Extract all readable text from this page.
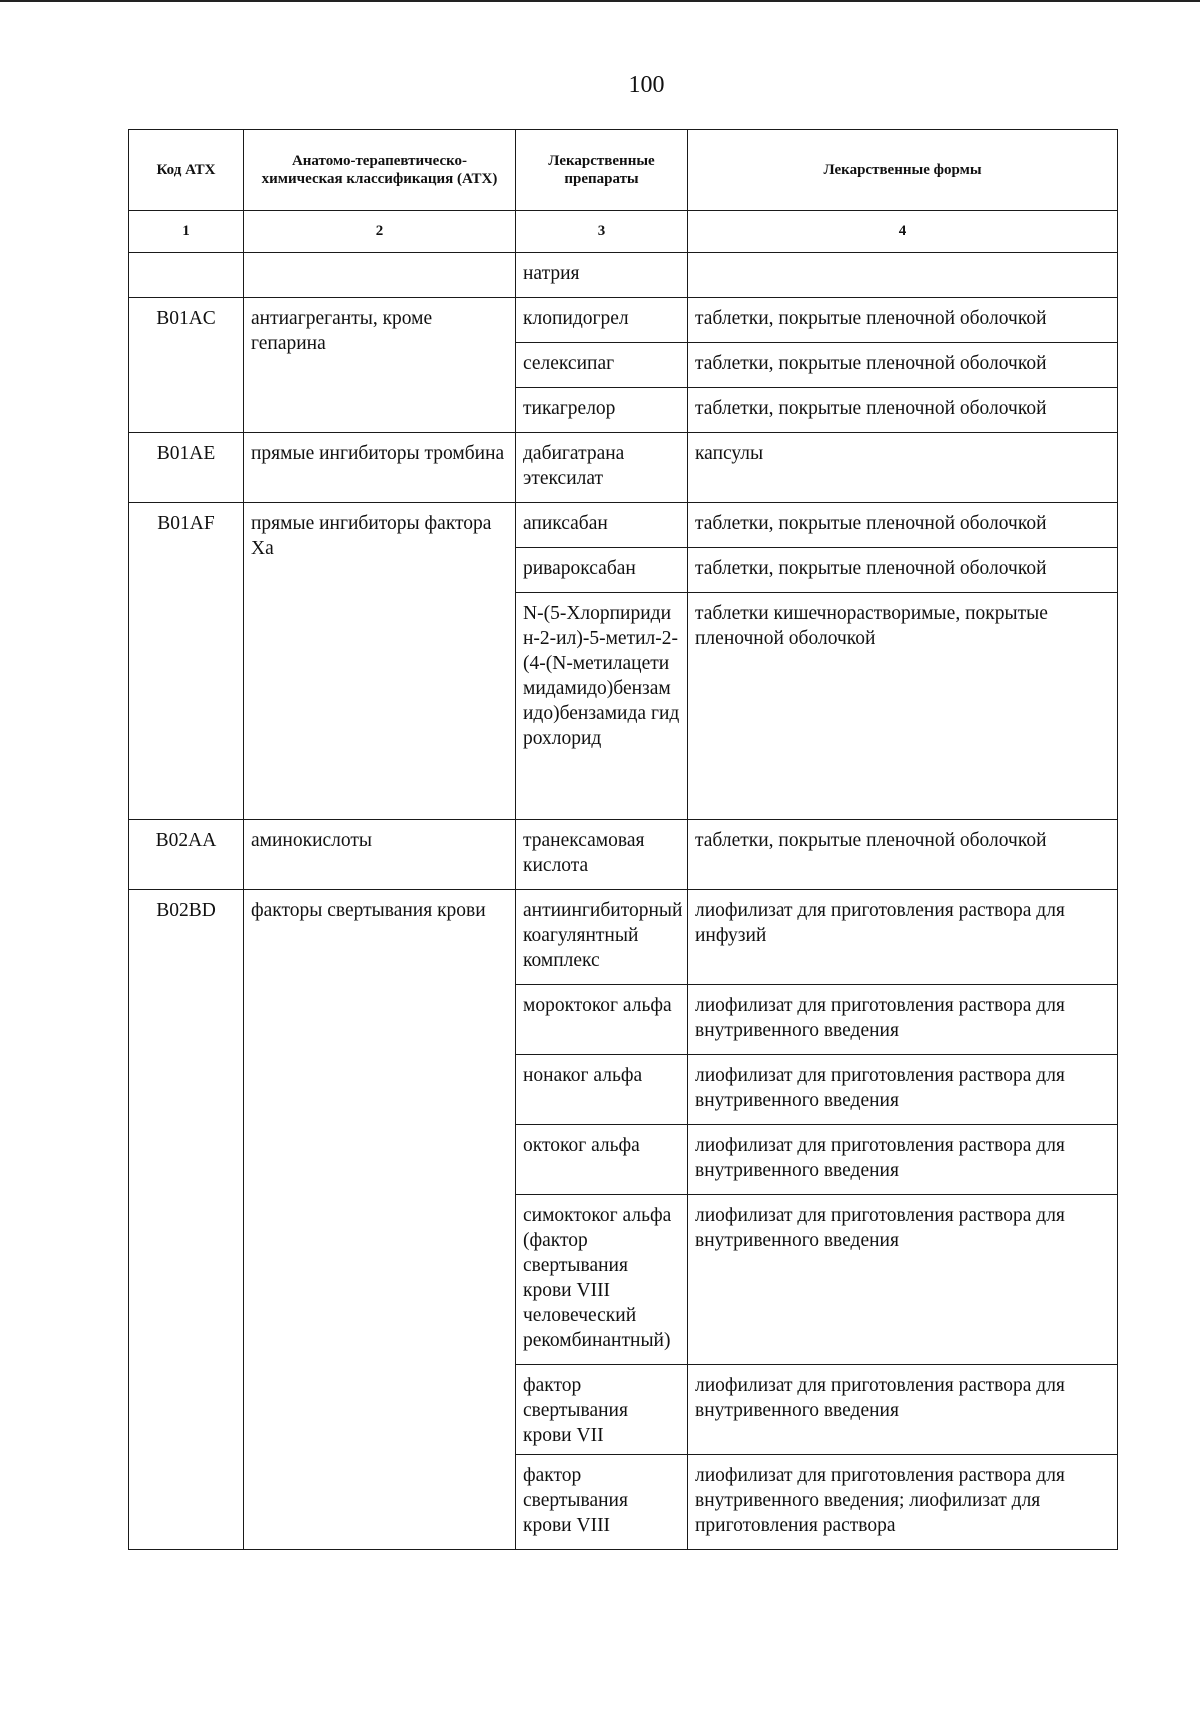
100
Код АТХ	Анатомо-терапевтическо-химическая классификация (АТХ)	Лекарственные препараты	Лекарственные формы
1	2	3	4
		натрия	
B01AC	антиагреганты, кроме гепарина	клопидогрел	таблетки, покрытые пленочной оболочкой
		селексипаг	таблетки, покрытые пленочной оболочкой
		тикагрелор	таблетки, покрытые пленочной оболочкой
B01AE	прямые ингибиторы тромбина	дабигатрана этексилат	капсулы
B01AF	прямые ингибиторы фактора Ха	апиксабан	таблетки, покрытые пленочной оболочкой
		ривароксабан	таблетки, покрытые пленочной оболочкой
		N-(5-Хлорпиридин-2-ил)-5-метил-2-(4-(N-метилацетимидамидо)бензамидо)бензамида гидрохлорид	таблетки кишечнорастворимые, покрытые пленочной оболочкой
B02AA	аминокислоты	транексамовая кислота	таблетки, покрытые пленочной оболочкой
B02BD	факторы свертывания крови	антиингибиторный коагулянтный комплекс	лиофилизат для приготовления раствора для инфузий
		мороктоког альфа	лиофилизат для приготовления раствора для внутривенного введения
		нонаког альфа	лиофилизат для приготовления раствора для внутривенного введения
		октоког альфа	лиофилизат для приготовления раствора для внутривенного введения
		симоктоког альфа (фактор свертывания крови VIII человеческий рекомбинантный)	лиофилизат для приготовления раствора для внутривенного введения
		фактор свертывания крови VII	лиофилизат для приготовления раствора для внутривенного введения
		фактор свертывания крови VIII	лиофилизат для приготовления раствора для внутривенного введения; лиофилизат для приготовления раствора
